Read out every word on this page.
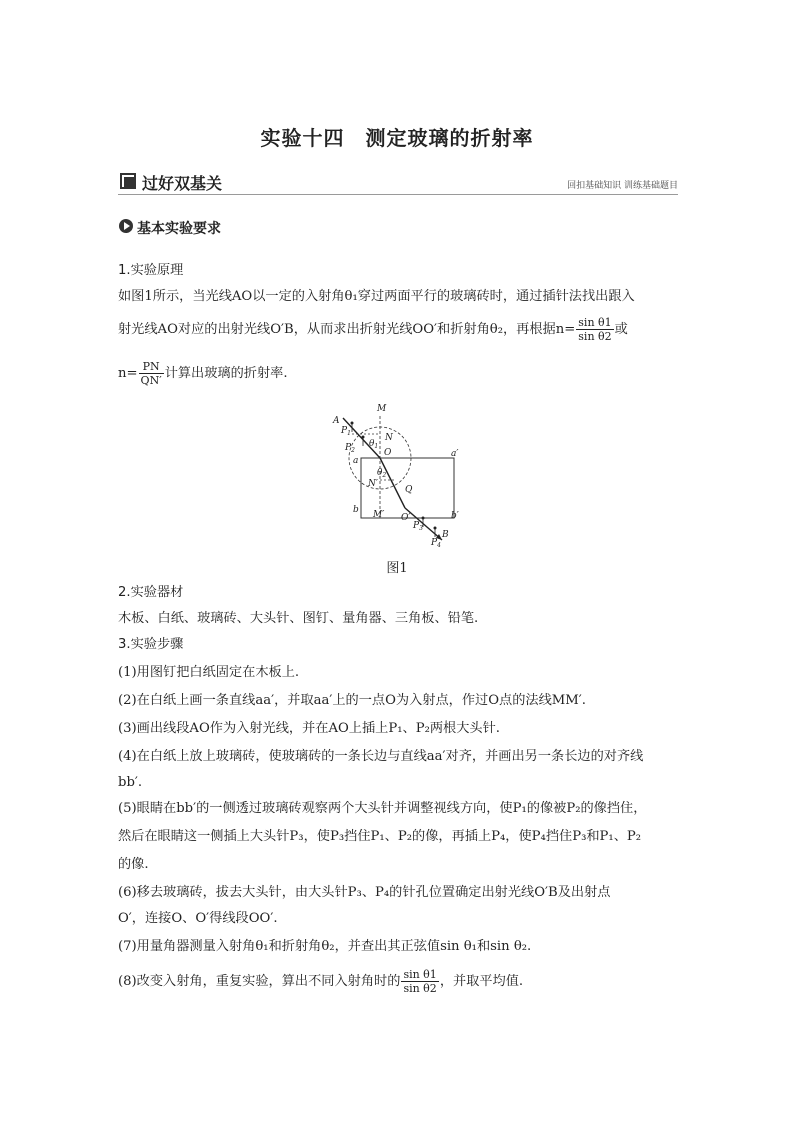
实验十四　测定玻璃的折射率
过好双基关	回扣基础知识 训练基础题目
基本实验要求
1.实验原理
如图1所示，当光线AO以一定的入射角θ₁穿过两面平行的玻璃砖时，通过插针法找出跟入
射光线AO对应的出射光线O′B，从而求出折射光线OO′和折射角θ₂，再根据$n= \frac{\text{sin θ1}}{\text{sin θ2}}$ 或
$n= \frac{PN}{QN'}$ 计算出玻璃的折射率.
M
A
$P_1$
$P_2$
$\theta_1$
N
O
a
a′
$\theta_2$
N′
Q
b M′ O′	b′
$P_3$
$P_4$
B
图1
2.实验器材
木板、白纸、玻璃砖、大头针、图钉、量角器、三角板、铅笔.
3.实验步骤
(1)用图钉把白纸固定在木板上.
(2)在白纸上画一条直线aa′，并取aa′上的一点O为入射点，作过O点的法线MM′.
(3)画出线段AO作为入射光线，并在AO上插上P₁、P₂两根大头针.
(4)在白纸上放上玻璃砖，使玻璃砖的一条长边与直线aa′对齐，并画出另一条长边的对齐线
bb′.
(5)眼睛在bb′的一侧透过玻璃砖观察两个大头针并调整视线方向，使P₁的像被P₂的像挡住，
然后在眼睛这一侧插上大头针P₃，使P₃挡住P₁、P₂的像，再插上P₄，使P₄挡住P₃和P₁、P₂
的像.
(6)移去玻璃砖，拔去大头针，由大头针P₃、P₄的针孔位置确定出射光线O′B及出射点
O′，连接O、O′得线段OO′.
(7)用量角器测量入射角θ₁和折射角θ₂，并查出其正弦值sin θ₁和sin θ₂.
(8)改变入射角，重复实验，算出不同入射角时的 $\frac{\text{sin θ1}}{\text{sin θ2}}$ ，并取平均值.
